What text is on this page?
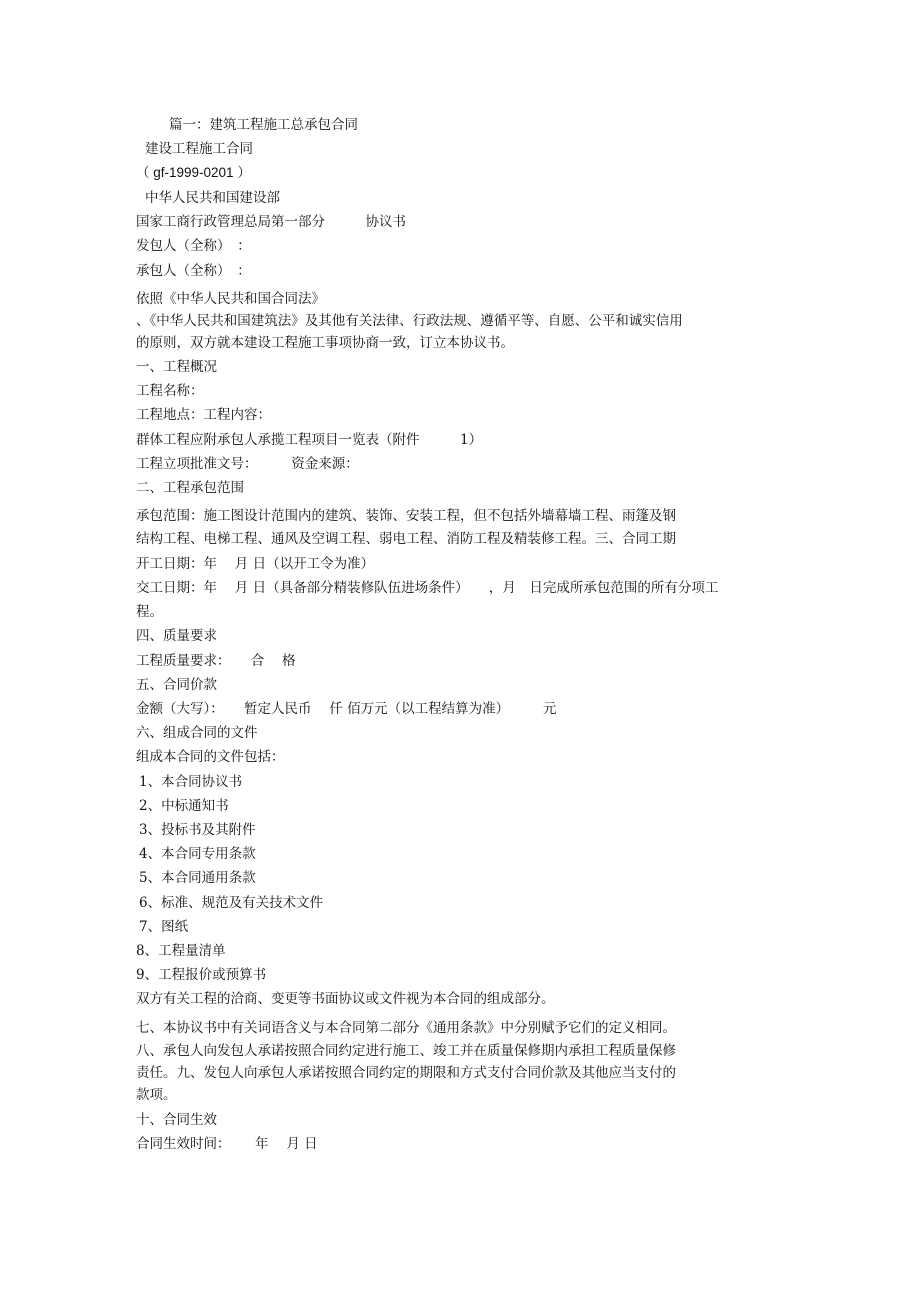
篇一：建筑工程施工总承包合同
建设工程施工合同
（ gf-1999-0201 ）
中华人民共和国建设部
国家工商行政管理总局第一部分　　　协议书
发包人（全称）　：
承包人（全称）　：
依照《中华人民共和国合同法》
、《中华人民共和国建筑法》及其他有关法律、行政法规、遵循平等、自愿、公平和诚实信用
的原则，双方就本建设工程施工事项协商一致，订立本协议书。
一、工程概况
工程名称：
工程地点：工程内容：
群体工程应附承包人承揽工程项目一览表（附件　　　1）
工程立项批准文号：　　　资金来源：
二、工程承包范围
承包范围：施工图设计范围内的建筑、装饰、安装工程，但不包括外墙幕墙工程、雨篷及钢
结构工程、电梯工程、通风及空调工程、弱电工程、消防工程及精装修工程。三、合同工期
开工日期：年　 月 日（以开工令为准）
交工日期：年　 月 日（具备部分精装修队伍进场条件）　　，月　日完成所承包范围的所有分项工
程。
四、质量要求
工程质量要求：　　合　 格
五、合同价款
金额（大写）：　　暂定人民币　 仟 佰万元（以工程结算为准）　　　元
六、组成合同的文件
组成本合同的文件包括：
1、本合同协议书
2、中标通知书
3、投标书及其附件
4、本合同专用条款
5、本合同通用条款
6、标准、规范及有关技术文件
7、图纸
8、工程量清单
9、工程报价或预算书
双方有关工程的洽商、变更等书面协议或文件视为本合同的组成部分。
七、本协议书中有关词语含义与本合同第二部分《通用条款》中分别赋予它们的定义相同。
八、承包人向发包人承诺按照合同约定进行施工、竣工并在质量保修期内承担工程质量保修
责任。九、发包人向承包人承诺按照合同约定的期限和方式支付合同价款及其他应当支付的
款项。
十、合同生效
合同生效时间：　　 年　 月 日
